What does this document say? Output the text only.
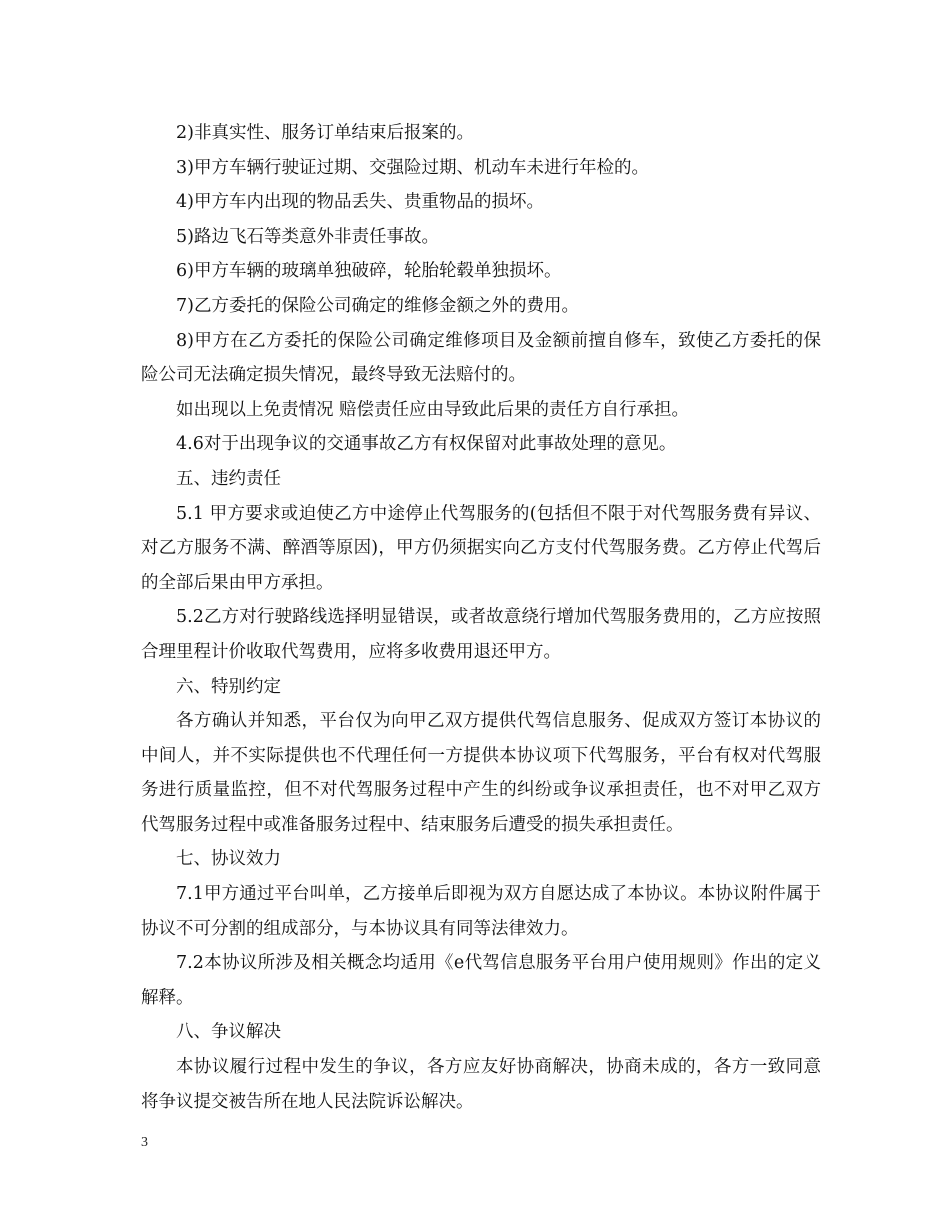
2)非真实性、服务订单结束后报案的。

3)甲方车辆行驶证过期、交强险过期、机动车未进行年检的。

4)甲方车内出现的物品丢失、贵重物品的损坏。

5)路边飞石等类意外非责任事故。

6)甲方车辆的玻璃单独破碎，轮胎轮毂单独损坏。

7)乙方委托的保险公司确定的维修金额之外的费用。

8)甲方在乙方委托的保险公司确定维修项目及金额前擅自修车，致使乙方委托的保险公司无法确定损失情况，最终导致无法赔付的。

如出现以上免责情况 赔偿责任应由导致此后果的责任方自行承担。

4.6对于出现争议的交通事故乙方有权保留对此事故处理的意见。

五、违约责任

5.1 甲方要求或迫使乙方中途停止代驾服务的(包括但不限于对代驾服务费有异议、对乙方服务不满、醉酒等原因)，甲方仍须据实向乙方支付代驾服务费。乙方停止代驾后的全部后果由甲方承担。

5.2乙方对行驶路线选择明显错误，或者故意绕行增加代驾服务费用的，乙方应按照合理里程计价收取代驾费用，应将多收费用退还甲方。

六、特别约定

各方确认并知悉，平台仅为向甲乙双方提供代驾信息服务、促成双方签订本协议的中间人，并不实际提供也不代理任何一方提供本协议项下代驾服务，平台有权对代驾服务进行质量监控，但不对代驾服务过程中产生的纠纷或争议承担责任，也不对甲乙双方代驾服务过程中或准备服务过程中、结束服务后遭受的损失承担责任。

七、协议效力

7.1甲方通过平台叫单，乙方接单后即视为双方自愿达成了本协议。本协议附件属于协议不可分割的组成部分，与本协议具有同等法律效力。

7.2本协议所涉及相关概念均适用《e代驾信息服务平台用户使用规则》作出的定义解释。

八、争议解决

本协议履行过程中发生的争议，各方应友好协商解决，协商未成的，各方一致同意将争议提交被告所在地人民法院诉讼解决。

3
